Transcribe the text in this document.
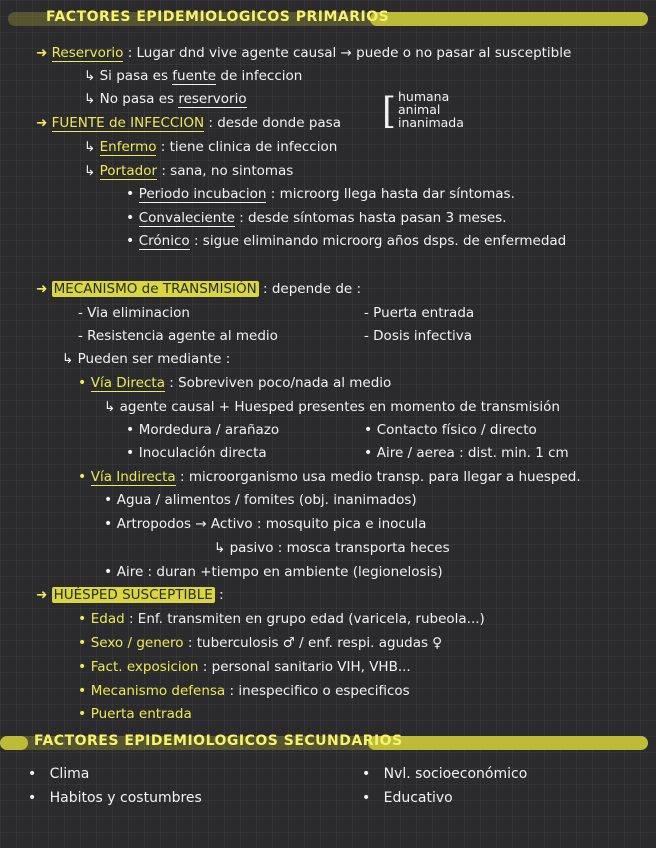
FACTORES EPIDEMIOLOGICOS PRIMARIOS
➜ Reservorio : Lugar dnd vive agente causal → puede o no pasar al susceptible
↳ Si pasa es fuente de infeccion
↳ No pasa es reservorio
➜ FUENTE de INFECCION : desde donde pasa [ humana
animal
inanimada
↳ Enfermo : tiene clinica de infeccion
↳ Portador : sana, no sintomas
• Periodo incubacion : microorg llega hasta dar síntomas.
• Convaleciente : desde síntomas hasta pasan 3 meses.
• Crónico : sigue eliminando microorg años dsps. de enfermedad
➜ MECANISMO de TRANSMISIÓN : depende de :
- Via eliminacion
- Resistencia agente al medio
- Puerta entrada
- Dosis infectiva
↳ Pueden ser mediante :
• Vía Directa : Sobreviven poco/nada al medio
↳ agente causal + Huesped presentes en momento de transmisión
• Mordedura / arañazo
• Inoculación directa
• Contacto físico / directo
• Aire / aerea : dist. min. 1 cm
• Vía Indirecta : microorganismo usa medio transp. para llegar a huesped.
• Agua / alimentos / fomites (obj. inanimados)
• Artropodos → Activo : mosquito pica e inocula
↳ pasivo : mosca transporta heces
• Aire : duran +tiempo en ambiente (legionelosis)
➜ HUÉSPED SUSCEPTIBLE :
• Edad : Enf. transmiten en grupo edad (varicela, rubeola...)
• Sexo / genero : tuberculosis ♂ / enf. respi. agudas ♀
• Fact. exposicion : personal sanitario VIH, VHB...
• Mecanismo defensa : inespecifico o especificos
• Puerta entrada
FACTORES EPIDEMIOLOGICOS SECUNDARIOS
•   Clima
•   Habitos y costumbres
•   Nvl. socioeconómico
•   Educativo
